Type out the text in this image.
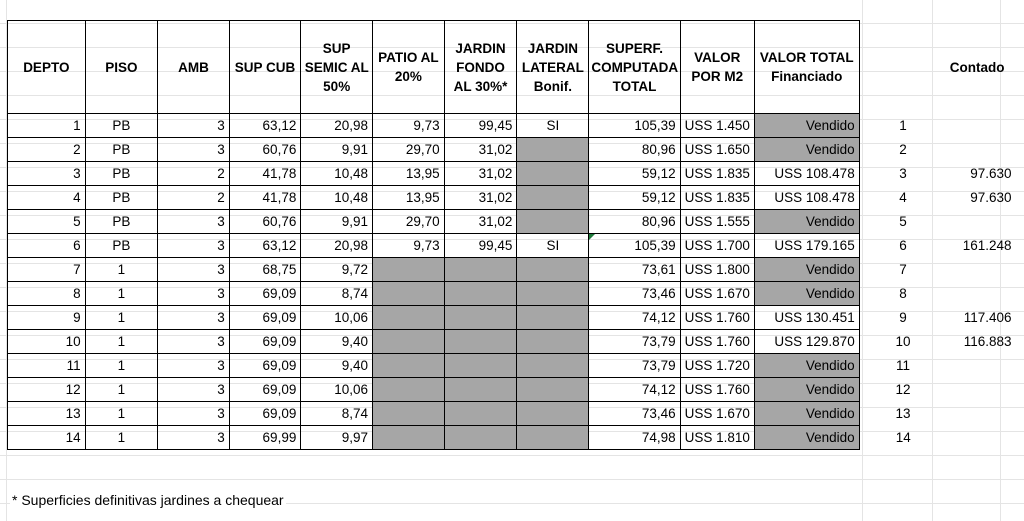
DEPTO	PISO	AMB	SUP CUB	SUP SEMIC AL 50%	PATIO AL 20%	JARDIN FONDO AL 30%*	JARDIN LATERAL Bonif.	SUPERF. COMPUTADA TOTAL	VALOR POR M2	VALOR TOTAL Financiado		Contado
1	PB	3	63,12	20,98	9,73	99,45	SI	105,39	USS 1.450	Vendido	1	
2	PB	3	60,76	9,91	29,70	31,02		80,96	USS 1.650	Vendido	2	
3	PB	2	41,78	10,48	13,95	31,02		59,12	USS 1.835	USS 108.478	3	97.630
4	PB	2	41,78	10,48	13,95	31,02		59,12	USS 1.835	USS 108.478	4	97.630
5	PB	3	60,76	9,91	29,70	31,02		80,96	USS 1.555	Vendido	5	
6	PB	3	63,12	20,98	9,73	99,45	SI	105,39	USS 1.700	USS 179.165	6	161.248
7	1	3	68,75	9,72				73,61	USS 1.800	Vendido	7	
8	1	3	69,09	8,74				73,46	USS 1.670	Vendido	8	
9	1	3	69,09	10,06				74,12	USS 1.760	USS 130.451	9	117.406
10	1	3	69,09	9,40				73,79	USS 1.760	USS 129.870	10	116.883
11	1	3	69,09	9,40				73,79	USS 1.720	Vendido	11	
12	1	3	69,09	10,06				74,12	USS 1.760	Vendido	12	
13	1	3	69,09	8,74				73,46	USS 1.670	Vendido	13	
14	1	3	69,99	9,97				74,98	USS 1.810	Vendido	14	
* Superficies definitivas jardines a chequear
